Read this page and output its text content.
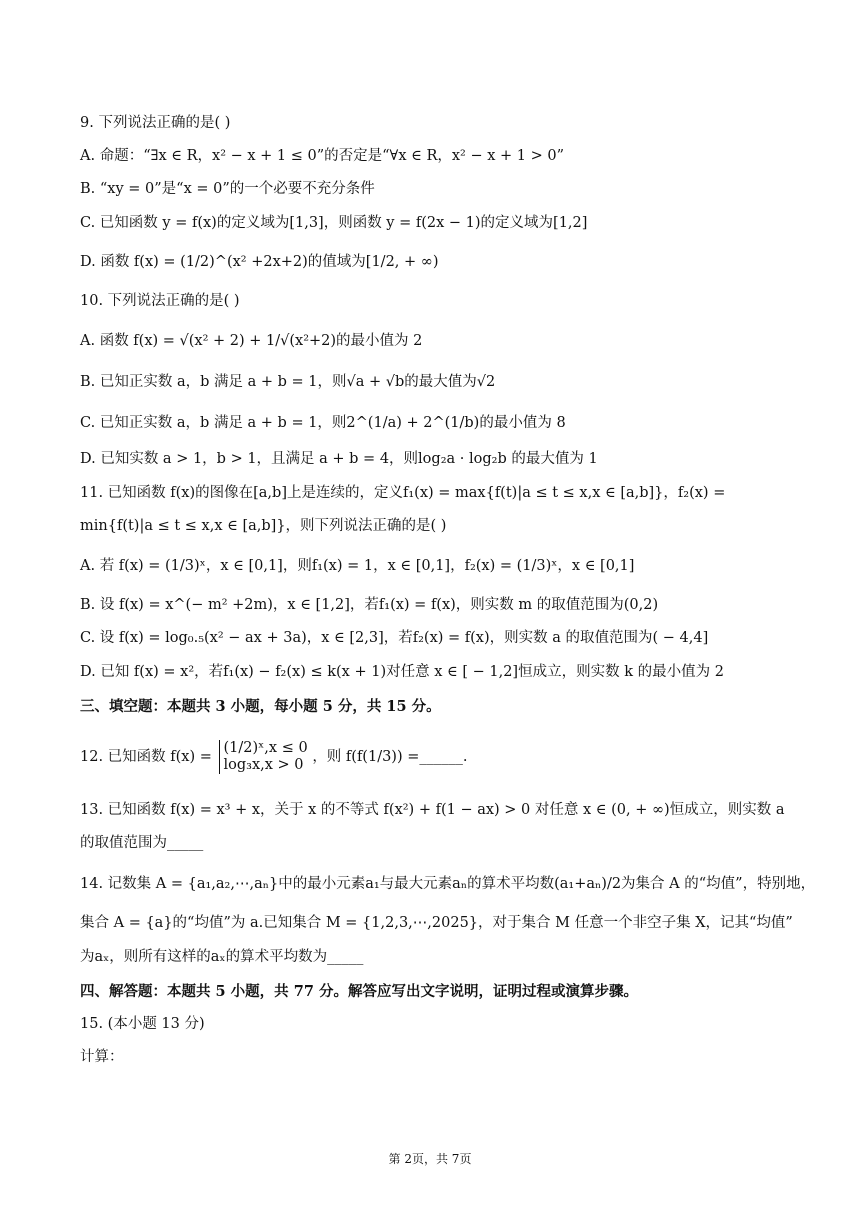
9. 下列说法正确的是( )
A. 命题：“∃x ∈ R，x² − x + 1 ≤ 0”的否定是“∀x ∈ R，x² − x + 1 > 0”
B. “xy = 0”是“x = 0”的一个必要不充分条件
C. 已知函数 y = f(x)的定义域为[1,3]，则函数 y = f(2x − 1)的定义域为[1,2]
D. 函数 f(x) = (1/2)^(x² +2x+2)的值域为[1/2, + ∞)
10. 下列说法正确的是( )
A. 函数 f(x) = √(x² + 2) + 1/√(x²+2)的最小值为 2
B. 已知正实数 a，b 满足 a + b = 1，则√a + √b的最大值为√2
C. 已知正实数 a，b 满足 a + b = 1，则2^(1/a) + 2^(1/b)的最小值为 8
D. 已知实数 a > 1，b > 1，且满足 a + b = 4，则log₂a · log₂b 的最大值为 1
11. 已知函数 f(x)的图像在[a,b]上是连续的，定义f₁(x) = max{f(t)|a ≤ t ≤ x,x ∈ [a,b]}，f₂(x) =
min{f(t)|a ≤ t ≤ x,x ∈ [a,b]}，则下列说法正确的是( )
A. 若 f(x) = (1/3)ˣ，x ∈ [0,1]，则f₁(x) = 1，x ∈ [0,1]，f₂(x) = (1/3)ˣ，x ∈ [0,1]
B. 设 f(x) = x^(− m² +2m)，x ∈ [1,2]，若f₁(x) = f(x)，则实数 m 的取值范围为(0,2)
C. 设 f(x) = log₀.₅(x² − ax + 3a)，x ∈ [2,3]，若f₂(x) = f(x)，则实数 a 的取值范围为( − 4,4]
D. 已知 f(x) = x²，若f₁(x) − f₂(x) ≤ k(x + 1)对任意 x ∈ [ − 1,2]恒成立，则实数 k 的最小值为 2
三、填空题：本题共 3 小题，每小题 5 分，共 15 分。
12. 已知函数 f(x) = (1/2)ˣ,x ≤ 0
log₃x,x > 0 ，则 f(f(1/3)) =______.
13. 已知函数 f(x) = x³ + x，关于 x 的不等式 f(x²) + f(1 − ax) > 0 对任意 x ∈ (0, + ∞)恒成立，则实数 a
的取值范围为_____
14. 记数集 A = {a₁,a₂,⋯,aₙ}中的最小元素a₁与最大元素aₙ的算术平均数(a₁+aₙ)/2为集合 A 的“均值”，特别地，
集合 A = {a}的“均值”为 a.已知集合 M = {1,2,3,⋯,2025}，对于集合 M 任意一个非空子集 X，记其“均值”
为aₓ，则所有这样的aₓ的算术平均数为_____
四、解答题：本题共 5 小题，共 77 分。解答应写出文字说明，证明过程或演算步骤。
15. (本小题 13 分)
计算：
第 2页，共 7页
